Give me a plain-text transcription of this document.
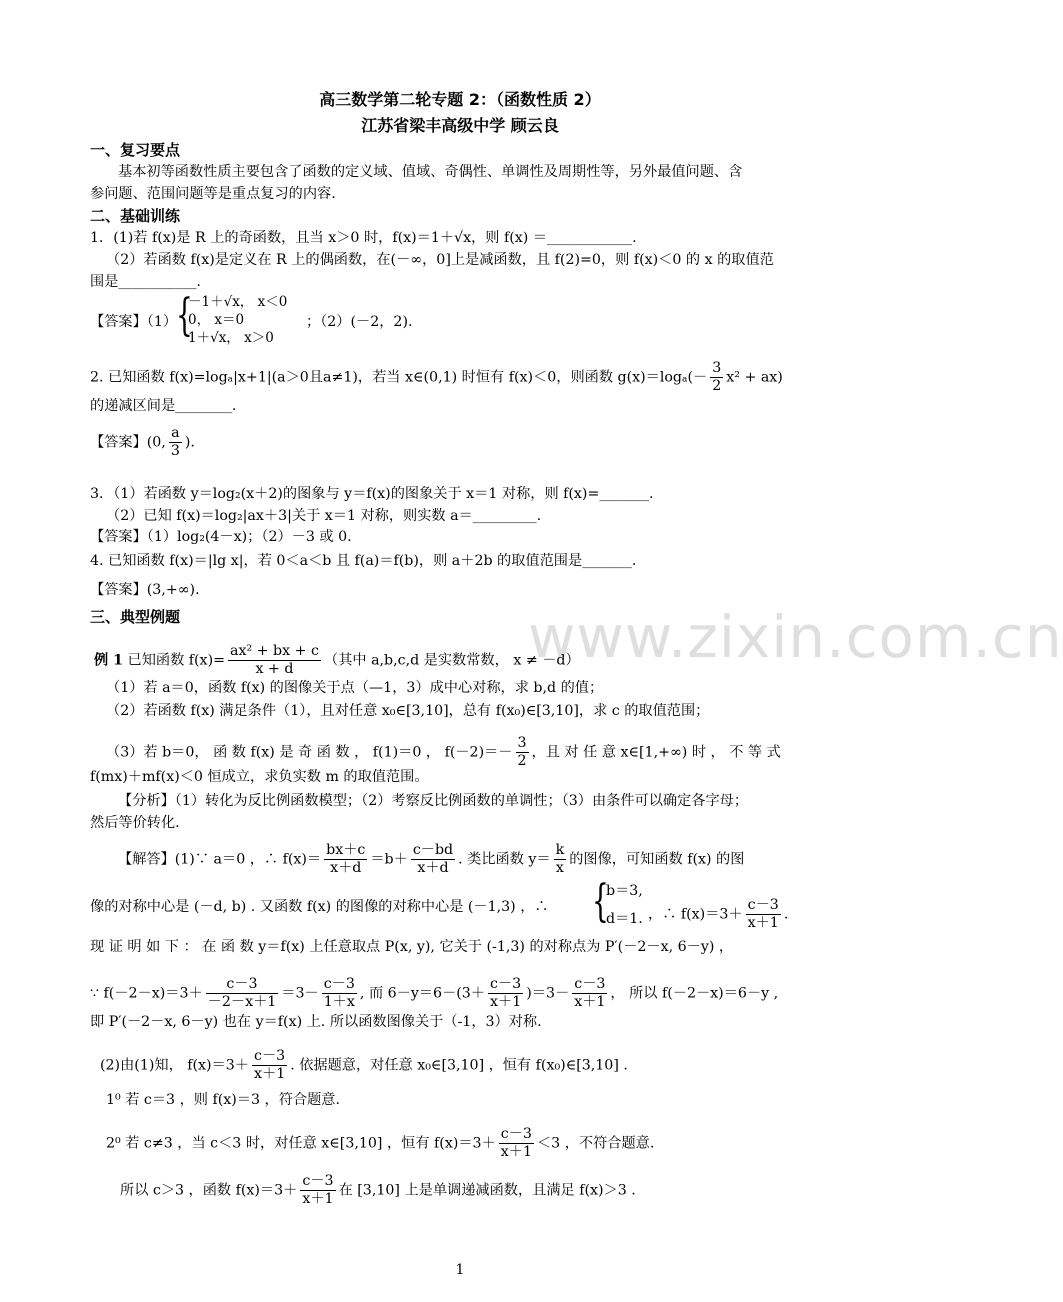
www.zixin.com.cn
高三数学第二轮专题 2：（函数性质 2）
江苏省梁丰高级中学 顾云良
一、复习要点
基本初等函数性质主要包含了函数的定义域、值域、奇偶性、单调性及周期性等，另外最值问题、含
参问题、范围问题等是重点复习的内容.
二、基础训练
1．(1)若 f(x)是 R 上的奇函数，且当 x＞0 时，f(x)＝1＋√x，则 f(x) ＝____________.
（2）若函数 f(x)是定义在 R 上的偶函数，在(－∞，0]上是减函数，且 f(2)=0，则 f(x)＜0 的 x 的取值范
围是___________.
【答案】（1）
{
－1＋√x， x＜0
0， x＝0
1＋√x， x＞0
；（2）(－2，2).
2. 已知函数 f(x)=logₐ|x+1|(a＞0且a≠1)，若当 x∈(0,1) 时恒有 f(x)＜0，则函数 $g(x)=\log_a(- \frac{3}{2} x^2 + ax)$
的递减区间是________.
【答案】(0, $\frac{a}{3}$ ).
3．（1）若函数 y＝log₂(x＋2)的图象与 y＝f(x)的图象关于 x＝1 对称，则 f(x)=_______.
（2）已知 f(x)＝log₂|ax＋3|关于 x＝1 对称，则实数 a＝_________.
【答案】（1）log₂(4－x)；（2）－3 或 0.
4. 已知函数 f(x)＝|lg x|，若 0＜a＜b 且 f(a)＝f(b)，则 a＋2b 的取值范围是_______.
【答案】(3,+∞).
三、典型例题
例 1 已知函数 $f(x)= \frac{\text{ax² + bx + c}}{x + d}$ （其中 a,b,c,d 是实数常数， x ≠ －d）
（1）若 a＝0，函数 f(x) 的图像关于点（—1，3）成中心对称，求 b,d 的值；
（2）若函数 f(x) 满足条件（1），且对任意 x₀∈[3,10]，总有 f(x₀)∈[3,10]，求 c 的取值范围；
（3）若 b＝0， 函 数 f(x) 是 奇 函 数 ， f(1)＝0 ， $f(-2)=- \frac{3}{2}$ ，且 对 任 意 x∈[1,+∞) 时 ， 不 等 式
f(mx)＋mf(x)＜0 恒成立，求负实数 m 的取值范围。
【分析】（1）转化为反比例函数模型；（2）考察反比例函数的单调性；（3）由条件可以确定各字母；
然后等价转化.
【解答】(1)∵ a＝0 ，∴ $f(x)= \frac{bx+c}{x+d} =b+ \frac{c-bd}{x+d}$ . 类比函数 $y= \frac{k}{x}$ 的图像，可知函数 f(x) 的图
像的对称中心是 (－d, b) . 又函数 f(x) 的图像的对称中心是 (－1,3) ，∴ {
b＝3,
d＝1. ，∴ $f(x)=3+ \frac{c-3}{x+1}$ .
现 证 明 如 下 ： 在 函 数 y＝f(x) 上任意取点 P(x, y), 它关于 (-1,3) 的对称点为 P′(－2－x, 6－y) ，
∵ $f(-2-x)=3+ \frac{c-3}{-2-x+1} =3- \frac{c-3}{1+x}$ , 而 $6-y=6-(3+ \frac{c-3}{x+1} )=3- \frac{c-3}{x+1}$ ， 所以 f(－2－x)＝6－y ,
即 P′(－2－x, 6－y) 也在 y＝f(x) 上. 所以函数图像关于（-1，3）对称.
(2)由(1)知， $f(x)=3+ \frac{c-3}{x+1}$ . 依据题意，对任意 x₀∈[3,10] ，恒有 f(x₀)∈[3,10] .
1⁰ 若 c＝3 ，则 f(x)＝3 ，符合题意.
2⁰ 若 c≠3 ，当 c＜3 时，对任意 x∈[3,10] ，恒有 $f(x)=3+ \frac{c-3}{x+1} <3$ ，不符合题意.
所以 c＞3 ，函数 $f(x)=3+ \frac{c-3}{x+1}$ 在 [3,10] 上是单调递减函数，且满足 f(x)＞3 .
1
